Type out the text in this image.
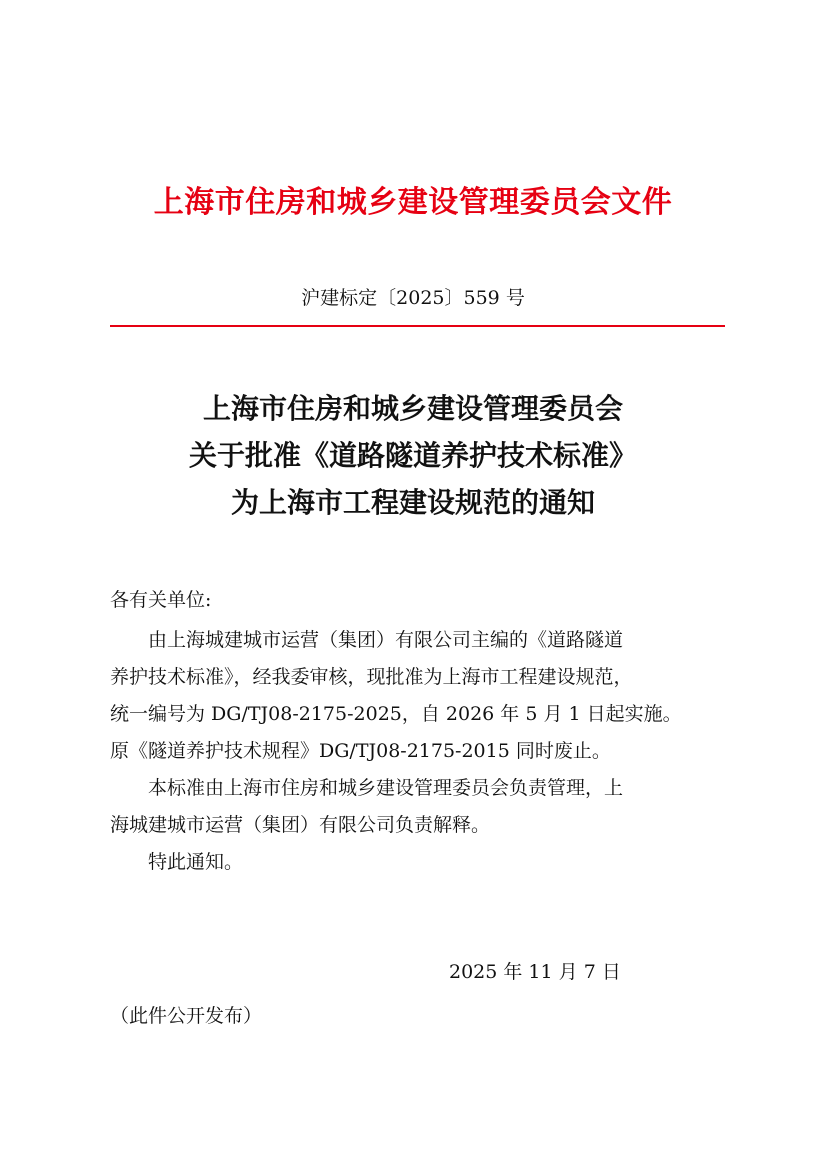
上海市住房和城乡建设管理委员会文件
沪建标定〔2025〕559 号
上海市住房和城乡建设管理委员会
关于批准《道路隧道养护技术标准》
为上海市工程建设规范的通知
各有关单位:

由上海城建城市运营（集团）有限公司主编的《道路隧道
养护技术标准》，经我委审核，现批准为上海市工程建设规范，
统一编号为 DG/TJ08-2175-2025，自 2026 年 5 月 1 日起实施。
原《隧道养护技术规程》DG/TJ08-2175-2015 同时废止。

本标准由上海市住房和城乡建设管理委员会负责管理，上
海城建城市运营（集团）有限公司负责解释。

特此通知。

2025 年 11 月 7 日
（此件公开发布）
